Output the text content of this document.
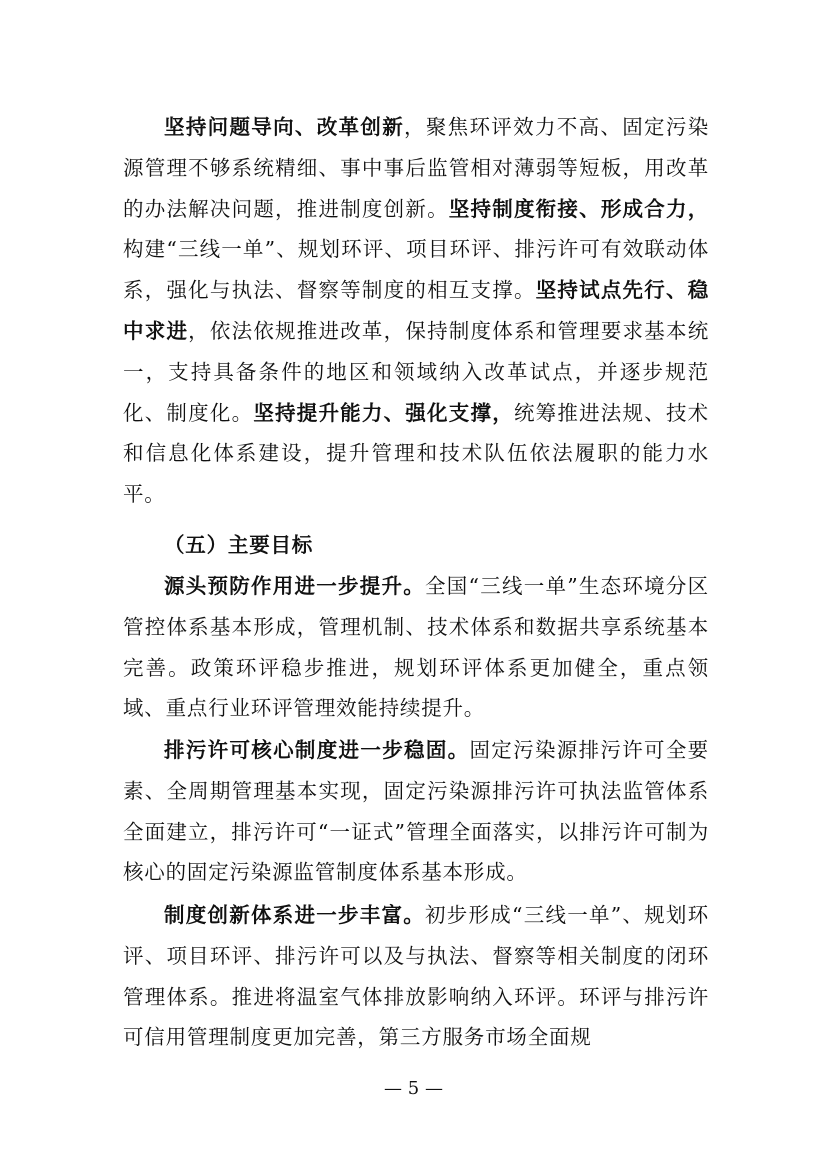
坚持问题导向、改革创新，聚焦环评效力不高、固定污染源管理不够系统精细、事中事后监管相对薄弱等短板，用改革的办法解决问题，推进制度创新。坚持制度衔接、形成合力，构建“三线一单”、规划环评、项目环评、排污许可有效联动体系，强化与执法、督察等制度的相互支撑。坚持试点先行、稳中求进，依法依规推进改革，保持制度体系和管理要求基本统一，支持具备条件的地区和领域纳入改革试点，并逐步规范化、制度化。坚持提升能力、强化支撑，统筹推进法规、技术和信息化体系建设，提升管理和技术队伍依法履职的能力水平。

（五）主要目标

源头预防作用进一步提升。全国“三线一单”生态环境分区管控体系基本形成，管理机制、技术体系和数据共享系统基本完善。政策环评稳步推进，规划环评体系更加健全，重点领域、重点行业环评管理效能持续提升。

排污许可核心制度进一步稳固。固定污染源排污许可全要素、全周期管理基本实现，固定污染源排污许可执法监管体系全面建立，排污许可“一证式”管理全面落实，以排污许可制为核心的固定污染源监管制度体系基本形成。

制度创新体系进一步丰富。初步形成“三线一单”、规划环评、项目环评、排污许可以及与执法、督察等相关制度的闭环管理体系。推进将温室气体排放影响纳入环评。环评与排污许可信用管理制度更加完善，第三方服务市场全面规

— 5 —
